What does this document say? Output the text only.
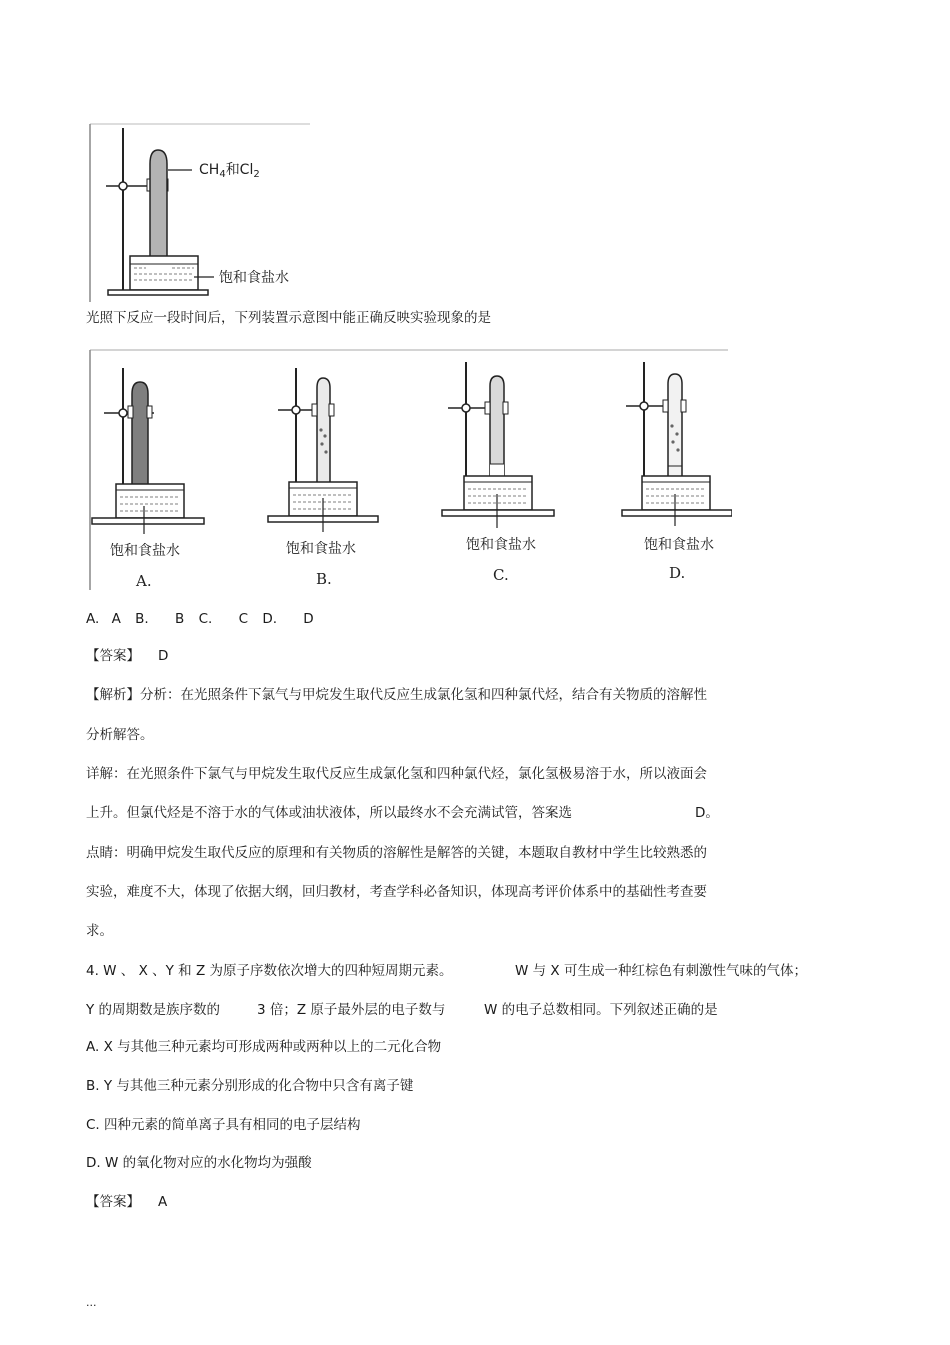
$CH_4$和$Cl_2$
饱和食盐水
光照下反应一段时间后，下列装置示意图中能正确反映实验现象的是
饱和食盐水
A.
饱和食盐水
B.
饱和食盐水
C.
饱和食盐水
D.
A. A B. B C. C D. D
【答案】 D
【解析】分析：在光照条件下氯气与甲烷发生取代反应生成氯化氢和四种氯代烃，结合有关物质的溶解性
分析解答。
详解：在光照条件下氯气与甲烷发生取代反应生成氯化氢和四种氯代烃，氯化氢极易溶于水，所以液面会
上升。但氯代烃是不溶于水的气体或油状液体，所以最终水不会充满试管，答案选	D。
点睛：明确甲烷发生取代反应的原理和有关物质的溶解性是解答的关键，本题取自教材中学生比较熟悉的
实验，难度不大，体现了依据大纲，回归教材，考查学科必备知识，体现高考评价体系中的基础性考查要
求。
4. W 、 X 、Y 和 Z 为原子序数依次增大的四种短周期元素。	W 与 X 可生成一种红棕色有刺激性气味的气体；
Y 的周期数是族序数的	3 倍；Z 原子最外层的电子数与	W 的电子总数相同。下列叙述正确的是
A. X 与其他三种元素均可形成两种或两种以上的二元化合物
B. Y 与其他三种元素分别形成的化合物中只含有离子键
C. 四种元素的简单离子具有相同的电子层结构
D. W 的氧化物对应的水化物均为强酸
【答案】 A
...
